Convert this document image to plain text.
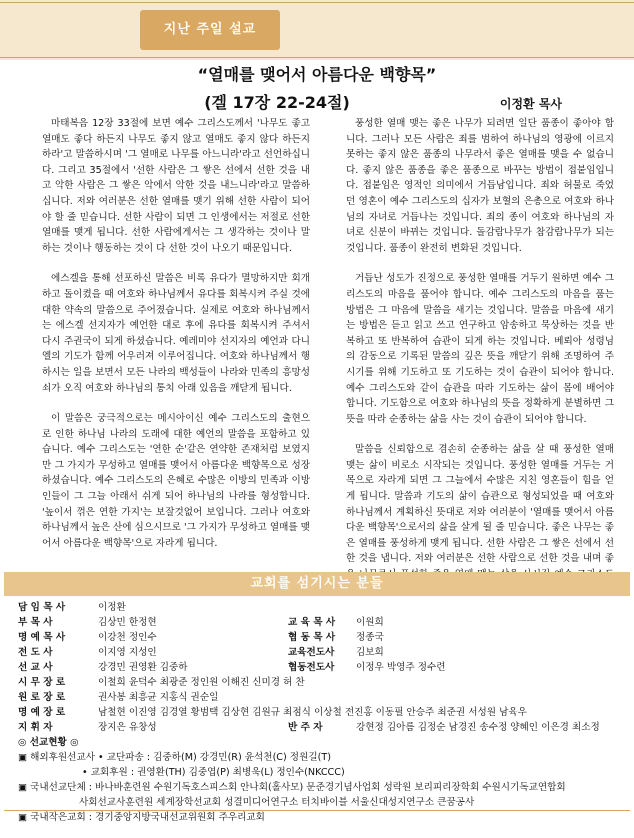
지난 주일 설교
“열매를 맺어서 아름다운 백향목”
(겔 17장 22-24절)	이정환 목사

마태복음 12장 33절에 보면 예수 그리스도께서 '나무도 좋고 열매도 좋다 하든지 나무도 좋지 않고 열매도 좋지 않다 하든지 하라'고 말씀하시며 '그 열매로 나무를 아느니라'라고 선언하십니다. 그리고 35절에서 '선한 사람은 그 쌓은 선에서 선한 것을 내고 악한 사람은 그 쌓은 악에서 악한 것을 내느니라'라고 말씀하십니다. 저와 여러분은 선한 열매를 맺기 위해 선한 사람이 되어야 할 줄 믿습니다. 선한 사람이 되면 그 인생에서는 저절로 선한 열매를 맺게 됩니다. 선한 사람에게서는 그 생각하는 것이나 말하는 것이나 행동하는 것이 다 선한 것이 나오기 때문입니다.

에스겔을 통해 선포하신 말씀은 비록 유다가 멸망하지만 회개하고 돌이켰을 때 여호와 하나님께서 유다를 회복시켜 주실 것에 대한 약속의 말씀으로 주어졌습니다. 실제로 여호와 하나님께서는 에스겔 선지자가 예언한 대로 후에 유다를 회복시켜 주셔서 다시 주권국이 되게 하셨습니다. 예레미야 선지자의 예언과 다니엘의 기도가 함께 어우러져 이루어집니다. 여호와 하나님께서 행하시는 일을 보면서 모든 나라의 백성들이 나라와 민족의 흥망성쇠가 오직 여호와 하나님의 통치 아래 있음을 깨닫게 됩니다.

이 말씀은 궁극적으로는 메시아이신 예수 그리스도의 출현으로 인한 하나님 나라의 도래에 대한 예언의 말씀을 포함하고 있습니다. 예수 그리스도는 '연한 순'같은 연약한 존재처럼 보였지만 그 가지가 무성하고 열매를 맺어서 아름다운 백향목으로 성장하셨습니다. 예수 그리스도의 은혜로 수많은 이방의 민족과 이방인들이 그 그늘 아래서 쉬게 되어 하나님의 나라를 형성합니다. '높이서 꺾은 연한 가지'는 보잘것없어 보입니다. 그러나 여호와 하나님께서 높은 산에 심으시므로 '그 가지가 무성하고 열매를 맺어서 아름다운 백향목'으로 자라게 됩니다.

풍성한 열매 맺는 좋은 나무가 되려면 일단 품종이 좋아야 합니다. 그러나 모든 사람은 죄를 범하여 하나님의 영광에 이르지 못하는 좋지 않은 품종의 나무라서 좋은 열매를 맺을 수 없습니다. 좋지 않은 품종을 좋은 품종으로 바꾸는 방법이 접붙임입니다. 접붙임은 영적인 의미에서 거듭남입니다. 죄와 허물로 죽었던 영혼이 예수 그리스도의 십자가 보혈의 은총으로 여호와 하나님의 자녀로 거듭나는 것입니다. 죄의 종이 여호와 하나님의 자녀로 신분이 바뀌는 것입니다. 돌감람나무가 참감람나무가 되는 것입니다. 품종이 완전히 변화된 것입니다.

거듭난 성도가 진정으로 풍성한 열매를 거두기 원하면 예수 그리스도의 마음을 품어야 합니다. 예수 그리스도의 마음을 품는 방법은 그 마음에 말씀을 새기는 것입니다. 말씀을 마음에 새기는 방법은 듣고 읽고 쓰고 연구하고 암송하고 묵상하는 것을 반복하고 또 반복하여 습관이 되게 하는 것입니다. 베뢰아 성령님의 감동으로 기록된 말씀의 깊은 뜻을 깨닫기 위해 조명하여 주시기를 위해 기도하고 또 기도하는 것이 습관이 되어야 합니다. 예수 그리스도와 같이 습관을 따라 기도하는 삶이 몸에 배어야 합니다. 기도함으로 여호와 하나님의 뜻을 정확하게 분별하면 그 뜻을 따라 순종하는 삶을 사는 것이 습관이 되어야 합니다.

말씀을 신뢰함으로 겸손히 순종하는 삶을 살 때 풍성한 열매 맺는 삶이 비로소 시작되는 것입니다. 풍성한 열매를 거두는 거목으로 자라게 되면 그 그늘에서 수많은 지친 영혼들이 힘을 얻게 됩니다. 말씀과 기도의 삶이 습관으로 형성되었을 때 여호와 하나님께서 계획하신 뜻대로 저와 여러분이 '열매를 맺어서 아름다운 백향목'으로서의 삶을 살게 될 줄 믿습니다. 좋은 나무는 좋은 열매를 풍성하게 맺게 됩니다. 선한 사람은 그 쌓은 선에서 선한 것을 냅니다. 저와 여러분은 선한 사람으로 선한 것을 내며 좋

교회를 섬기시는 분들
담 임 목 사	이정환
부 목 사	김상민 한정현	교 육 목 사 이원희
명 예 목 사	이강천 정인수	협 동 목 사 정종국
전 도 사	이지영 지성인	교육전도사 김보희
선 교 사	강경민 권영환 김중하	협동전도사 이정우 박영주 정수련
시 무 장 로	이철희 윤덕수 최광준 정인원 이해진 신미경 허 찬
원 로 장 로	권사봉 최흥균 지홍식 권순일
명 예 장 로	남철현 이진영 김경열 황범택 김상현 김원규 최점식 이상철 전진홍 이동필 안승주 최준권 서성원 남육우
지 휘 자	장지은 유창성	반 주 자	강현정 김아름 김정순 남경진 송수정 양혜인 이은경 최소정
◎ 선교현황 ◎
▣ 해외후원선교사 • 교단파송 : 김중하(M) 강경민(R) 윤석천(C) 정원길(T)
• 교회후원 : 권영환(TH) 김중엽(P) 최병욱(L) 정인수(NKCCC)
▣ 국내선교단체 : 바나바훈련원 수원기독호스피스회 안나회(홀사모) 문준경기념사업회 성락원 보리피리장학회 수원시기독교연합회
사회선교사훈련원 세계장학선교회 성결미디어연구소 터치바이블 서울신대성지연구소 큰꿈공사
▣ 국내작은교회 : 경기중앙지방국내선교위원회 주우리교회
